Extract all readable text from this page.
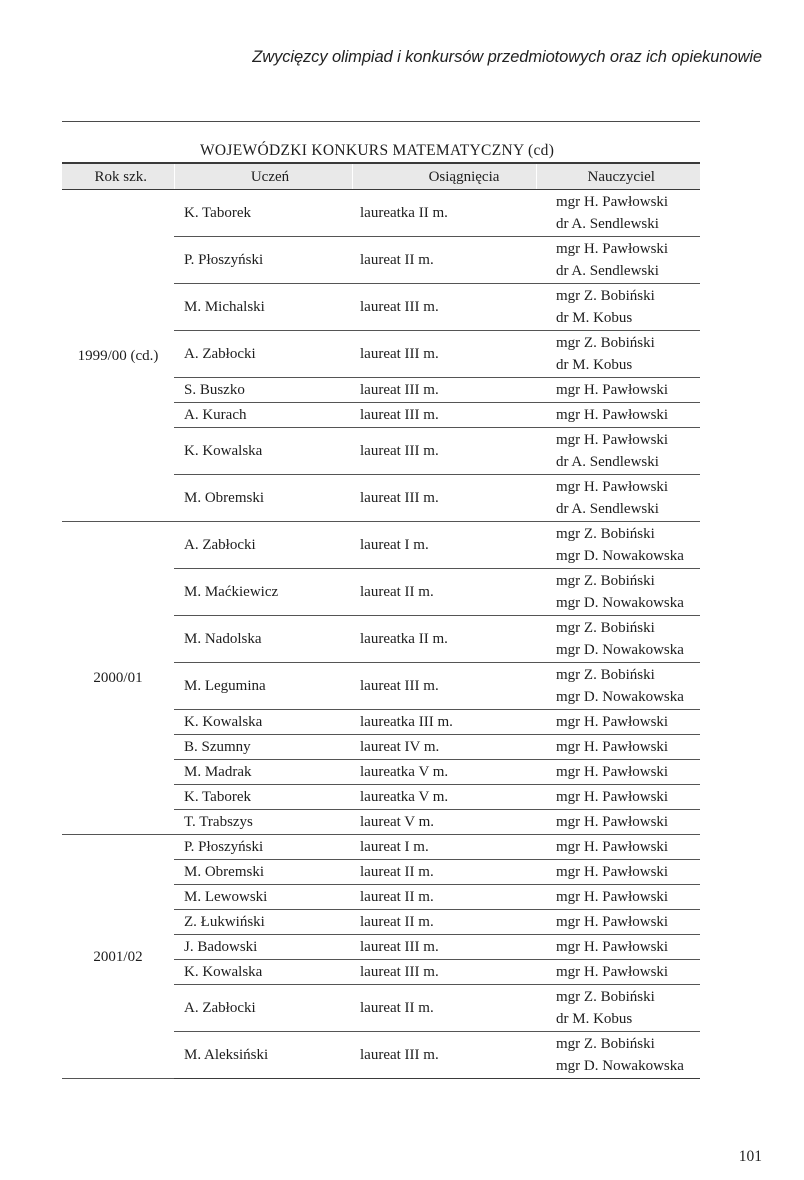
Zwycięzcy olimpiad i konkursów przedmiotowych oraz ich opiekunowie
WOJEWÓDZKI KONKURS MATEMATYCZNY (cd)
Rok szk.	Uczeń	Osiągnięcia	Nauczyciel
1999/00 (cd.)	K. Taborek	laureatka II m.	mgr H. Pawłowski
dr A. Sendlewski

	P. Płoszyński	laureat II m.	mgr H. Pawłowski
dr A. Sendlewski

	M. Michalski	laureat III m.	mgr Z. Bobiński
dr M. Kobus

	A. Zabłocki	laureat III m.	mgr Z. Bobiński
dr M. Kobus

	S. Buszko	laureat III m.	mgr H. Pawłowski

	A. Kurach	laureat III m.	mgr H. Pawłowski

	K. Kowalska	laureat III m.	mgr H. Pawłowski
dr A. Sendlewski

	M. Obremski	laureat III m.	mgr H. Pawłowski
dr A. Sendlewski

2000/01	A. Zabłocki	laureat I m.	mgr Z. Bobiński
mgr D. Nowakowska

	M. Maćkiewicz	laureat II m.	mgr Z. Bobiński
mgr D. Nowakowska

	M. Nadolska	laureatka II m.	mgr Z. Bobiński
mgr D. Nowakowska

	M. Legumina	laureat III m.	mgr Z. Bobiński
mgr D. Nowakowska

	K. Kowalska	laureatka III m.	mgr H. Pawłowski

	B. Szumny	laureat IV m.	mgr H. Pawłowski

	M. Madrak	laureatka V m.	mgr H. Pawłowski

	K. Taborek	laureatka V m.	mgr H. Pawłowski

	T. Trabszys	laureat V m.	mgr H. Pawłowski

2001/02	P. Płoszyński	laureat I m.	mgr H. Pawłowski

	M. Obremski	laureat II m.	mgr H. Pawłowski

	M. Lewowski	laureat II m.	mgr H. Pawłowski

	Z. Łukwiński	laureat II m.	mgr H. Pawłowski

	J. Badowski	laureat III m.	mgr H. Pawłowski

	K. Kowalska	laureat III m.	mgr H. Pawłowski

	A. Zabłocki	laureat II m.	mgr Z. Bobiński
dr M. Kobus

	M. Aleksiński	laureat III m.	mgr Z. Bobiński
mgr D. Nowakowska
101
